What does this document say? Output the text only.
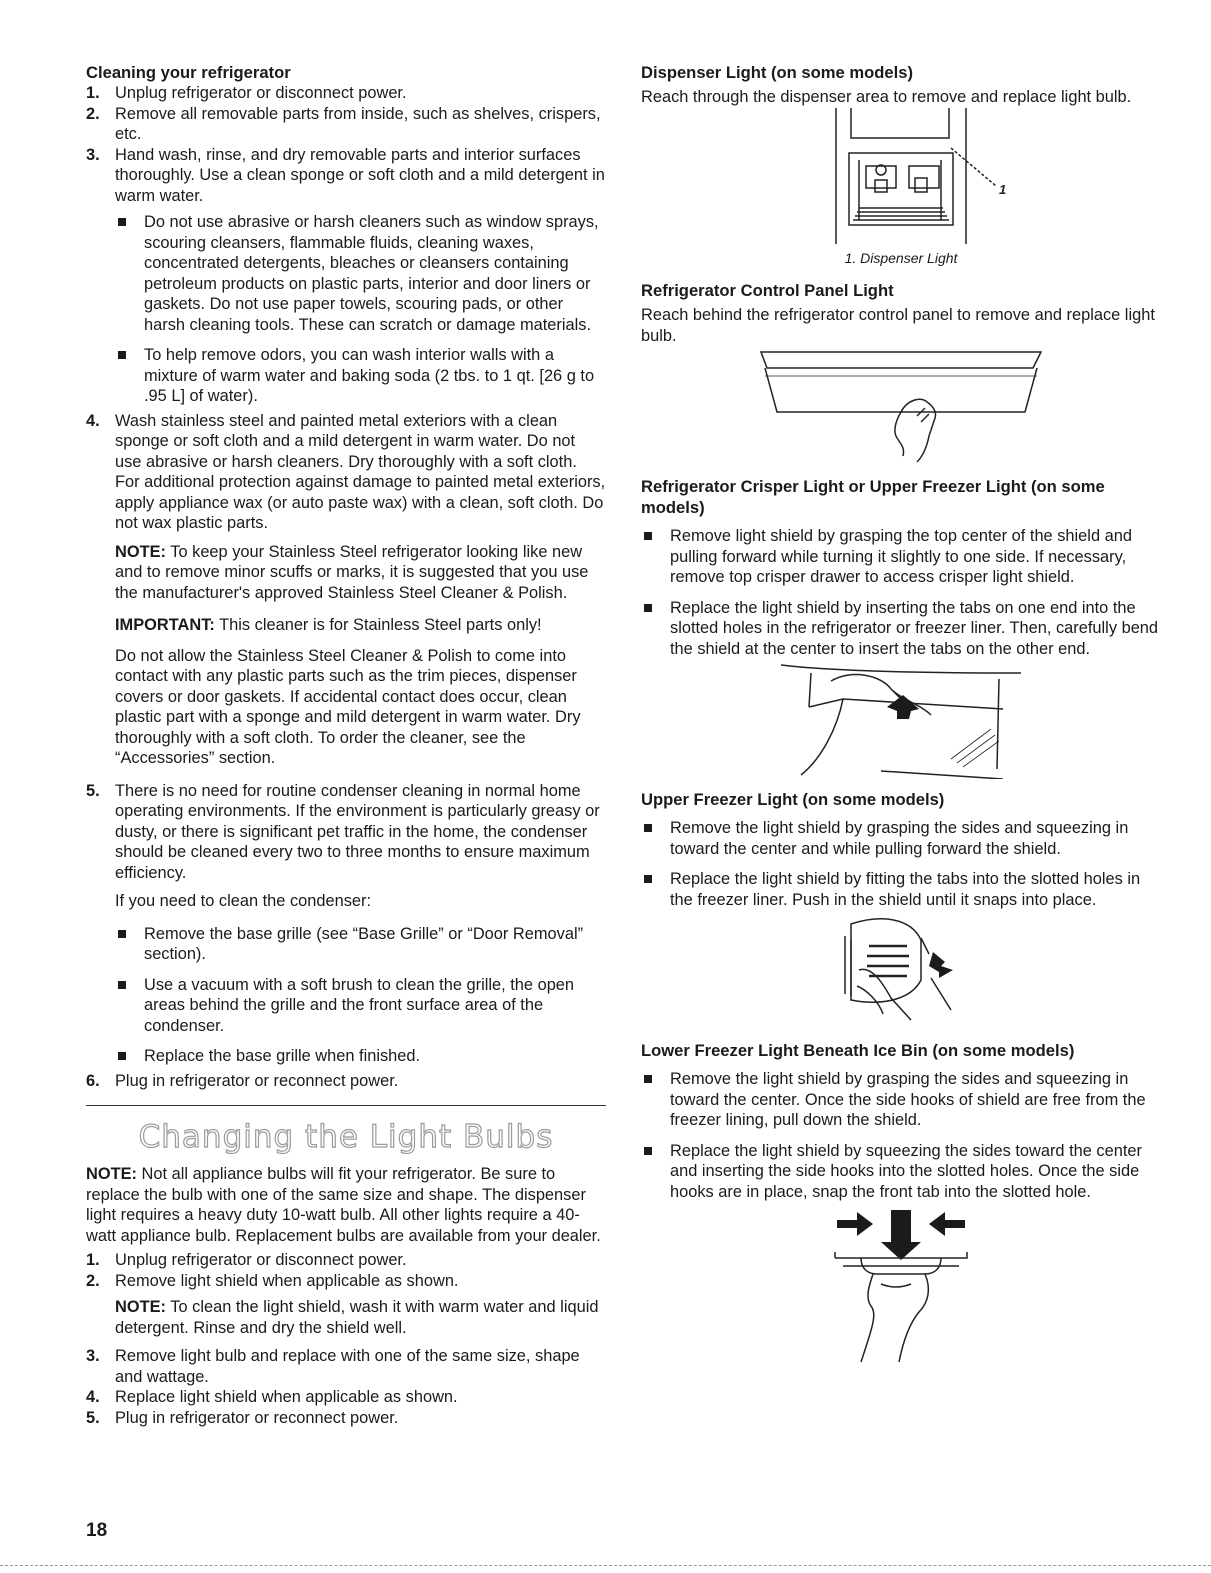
Cleaning your refrigerator
1. Unplug refrigerator or disconnect power.
2. Remove all removable parts from inside, such as shelves, crispers, etc.
3. Hand wash, rinse, and dry removable parts and interior surfaces thoroughly. Use a clean sponge or soft cloth and a mild detergent in warm water.

Do not use abrasive or harsh cleaners such as window sprays, scouring cleansers, flammable fluids, cleaning waxes, concentrated detergents, bleaches or cleansers containing petroleum products on plastic parts, interior and door liners or gaskets. Do not use paper towels, scouring pads, or other harsh cleaning tools. These can scratch or damage materials.
To help remove odors, you can wash interior walls with a mixture of warm water and baking soda (2 tbs. to 1 qt. [26 g to .95 L] of water).
4. Wash stainless steel and painted metal exteriors with a clean sponge or soft cloth and a mild detergent in warm water. Do not use abrasive or harsh cleaners. Dry thoroughly with a soft cloth. For additional protection against damage to painted metal exteriors, apply appliance wax (or auto paste wax) with a clean, soft cloth. Do not wax plastic parts.

NOTE: To keep your Stainless Steel refrigerator looking like new and to remove minor scuffs or marks, it is suggested that you use the manufacturer's approved Stainless Steel Cleaner & Polish.

IMPORTANT: This cleaner is for Stainless Steel parts only!

Do not allow the Stainless Steel Cleaner & Polish to come into contact with any plastic parts such as the trim pieces, dispenser covers or door gaskets. If accidental contact does occur, clean plastic part with a sponge and mild detergent in warm water. Dry thoroughly with a soft cloth. To order the cleaner, see the “Accessories” section.

5. There is no need for routine condenser cleaning in normal home operating environments. If the environment is particularly greasy or dusty, or there is significant pet traffic in the home, the condenser should be cleaned every two to three months to ensure maximum efficiency.

If you need to clean the condenser:

Remove the base grille (see “Base Grille” or “Door Removal” section).
Use a vacuum with a soft brush to clean the grille, the open areas behind the grille and the front surface area of the condenser.
Replace the base grille when finished.
6. Plug in refrigerator or reconnect power.
Changing the Light Bulbs

NOTE: Not all appliance bulbs will fit your refrigerator. Be sure to replace the bulb with one of the same size and shape. The dispenser light requires a heavy duty 10-watt bulb. All other lights require a 40-watt appliance bulb. Replacement bulbs are available from your dealer.

1. Unplug refrigerator or disconnect power.
2. Remove light shield when applicable as shown.

NOTE: To clean the light shield, wash it with warm water and liquid detergent. Rinse and dry the shield well.

3. Remove light bulb and replace with one of the same size, shape and wattage.
4. Replace light shield when applicable as shown.
5. Plug in refrigerator or reconnect power.
Dispenser Light (on some models)

Reach through the dispenser area to remove and replace light bulb.

1
1. Dispenser Light
Refrigerator Control Panel Light

Reach behind the refrigerator control panel to remove and replace light bulb.

Refrigerator Crisper Light or Upper Freezer Light (on some models)
Remove light shield by grasping the top center of the shield and pulling forward while turning it slightly to one side. If necessary, remove top crisper drawer to access crisper light shield.
Replace the light shield by inserting the tabs on one end into the slotted holes in the refrigerator or freezer liner. Then, carefully bend the shield at the center to insert the tabs on the other end.
Upper Freezer Light (on some models)
Remove the light shield by grasping the sides and squeezing in toward the center and while pulling forward the shield.
Replace the light shield by fitting the tabs into the slotted holes in the freezer liner. Push in the shield until it snaps into place.
Lower Freezer Light Beneath Ice Bin (on some models)
Remove the light shield by grasping the sides and squeezing in toward the center. Once the side hooks of shield are free from the freezer lining, pull down the shield.
Replace the light shield by squeezing the sides toward the center and inserting the side hooks into the slotted holes. Once the side hooks are in place, snap the front tab into the slotted hole.
18
